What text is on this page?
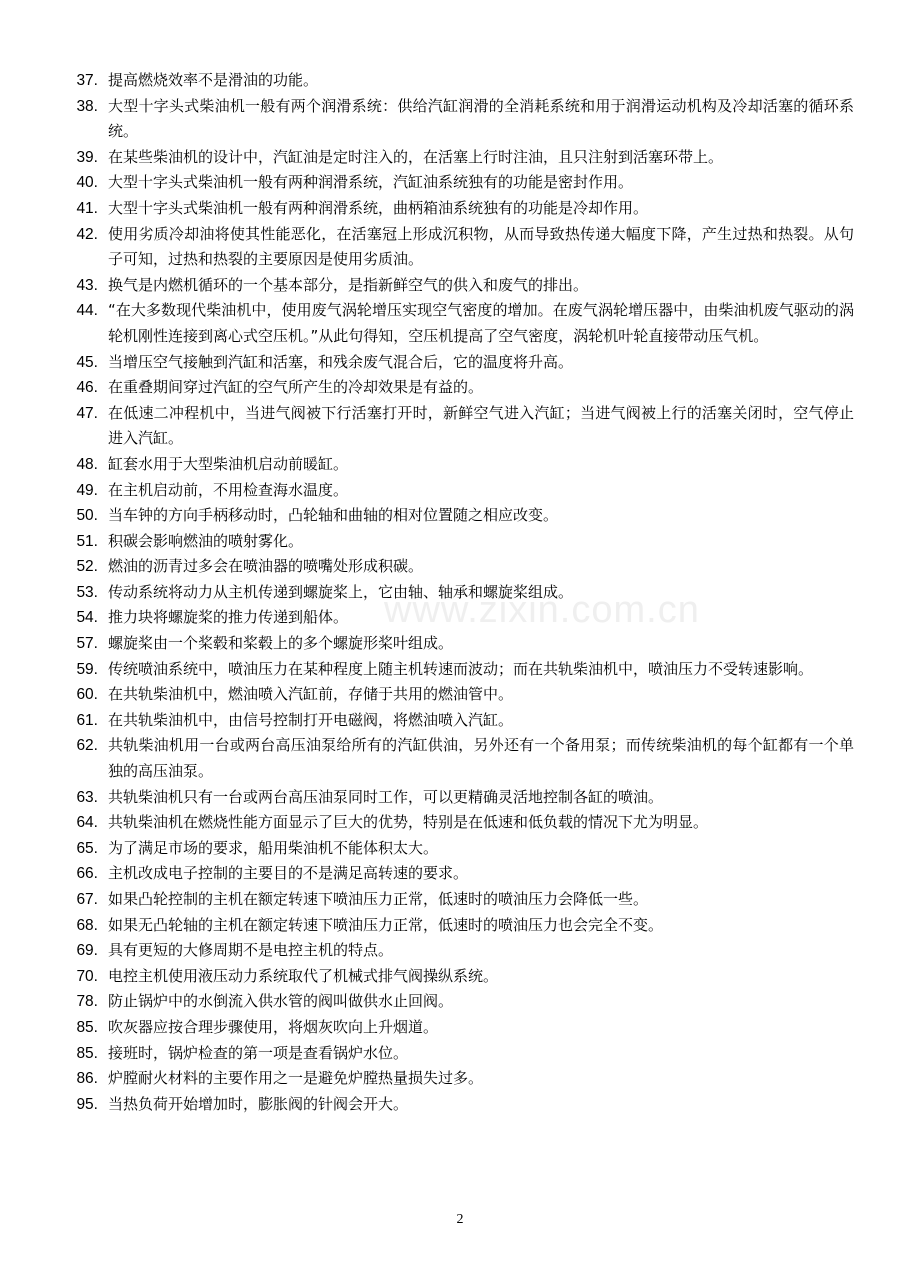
www.zixin.com.cn
37. 提高燃烧效率不是滑油的功能。
38. 大型十字头式柴油机一般有两个润滑系统：供给汽缸润滑的全消耗系统和用于润滑运动机构及冷却活塞的循环系统。
39. 在某些柴油机的设计中，汽缸油是定时注入的，在活塞上行时注油，且只注射到活塞环带上。
40. 大型十字头式柴油机一般有两种润滑系统，汽缸油系统独有的功能是密封作用。
41. 大型十字头式柴油机一般有两种润滑系统，曲柄箱油系统独有的功能是冷却作用。
42. 使用劣质冷却油将使其性能恶化，在活塞冠上形成沉积物，从而导致热传递大幅度下降，产生过热和热裂。从句子可知，过热和热裂的主要原因是使用劣质油。
43. 换气是内燃机循环的一个基本部分，是指新鲜空气的供入和废气的排出。
44. “在大多数现代柴油机中，使用废气涡轮增压实现空气密度的增加。在废气涡轮增压器中，由柴油机废气驱动的涡轮机刚性连接到离心式空压机。”从此句得知，空压机提高了空气密度，涡轮机叶轮直接带动压气机。
45. 当增压空气接触到汽缸和活塞，和残余废气混合后，它的温度将升高。
46. 在重叠期间穿过汽缸的空气所产生的冷却效果是有益的。
47. 在低速二冲程机中，当进气阀被下行活塞打开时，新鲜空气进入汽缸；当进气阀被上行的活塞关闭时，空气停止进入汽缸。
48. 缸套水用于大型柴油机启动前暖缸。
49. 在主机启动前，不用检查海水温度。
50. 当车钟的方向手柄移动时，凸轮轴和曲轴的相对位置随之相应改变。
51. 积碳会影响燃油的喷射雾化。
52. 燃油的沥青过多会在喷油器的喷嘴处形成积碳。
53. 传动系统将动力从主机传递到螺旋桨上，它由轴、轴承和螺旋桨组成。
54. 推力块将螺旋桨的推力传递到船体。
57. 螺旋桨由一个桨毂和桨毂上的多个螺旋形桨叶组成。
59. 传统喷油系统中，喷油压力在某种程度上随主机转速而波动；而在共轨柴油机中，喷油压力不受转速影响。
60. 在共轨柴油机中，燃油喷入汽缸前，存储于共用的燃油管中。
61. 在共轨柴油机中，由信号控制打开电磁阀，将燃油喷入汽缸。
62. 共轨柴油机用一台或两台高压油泵给所有的汽缸供油，另外还有一个备用泵；而传统柴油机的每个缸都有一个单独的高压油泵。
63. 共轨柴油机只有一台或两台高压油泵同时工作，可以更精确灵活地控制各缸的喷油。
64. 共轨柴油机在燃烧性能方面显示了巨大的优势，特别是在低速和低负载的情况下尤为明显。
65. 为了满足市场的要求，船用柴油机不能体积太大。
66. 主机改成电子控制的主要目的不是满足高转速的要求。
67. 如果凸轮控制的主机在额定转速下喷油压力正常，低速时的喷油压力会降低一些。
68. 如果无凸轮轴的主机在额定转速下喷油压力正常，低速时的喷油压力也会完全不变。
69. 具有更短的大修周期不是电控主机的特点。
70. 电控主机使用液压动力系统取代了机械式排气阀操纵系统。
78. 防止锅炉中的水倒流入供水管的阀叫做供水止回阀。
85. 吹灰器应按合理步骤使用，将烟灰吹向上升烟道。
85. 接班时，锅炉检查的第一项是查看锅炉水位。
86. 炉膛耐火材料的主要作用之一是避免炉膛热量损失过多。
95. 当热负荷开始增加时，膨胀阀的针阀会开大。
2
